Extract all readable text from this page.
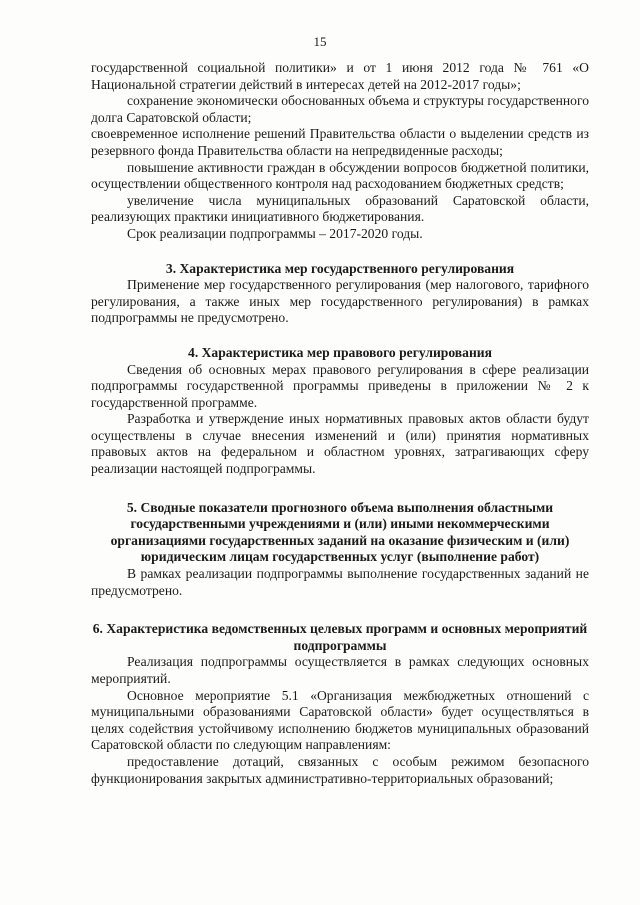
15

государственной социальной политики» и от 1 июня 2012 года № 761 «О Национальной стратегии действий в интересах детей на 2012-2017 годы»;

сохранение экономически обоснованных объема и структуры государственного долга Саратовской области;

своевременное исполнение решений Правительства области о выделении средств из резервного фонда Правительства области на непредвиденные расходы;

повышение активности граждан в обсуждении вопросов бюджетной политики, осуществлении общественного контроля над расходованием бюджетных средств;

увеличение числа муниципальных образований Саратовской области, реализующих практики инициативного бюджетирования.

Срок реализации подпрограммы – 2017-2020 годы.

3. Характеристика мер государственного регулирования

Применение мер государственного регулирования (мер налогового, тарифного регулирования, а также иных мер государственного регулирования) в рамках подпрограммы не предусмотрено.

4. Характеристика мер правового регулирования

Сведения об основных мерах правового регулирования в сфере реализации подпрограммы государственной программы приведены в приложении № 2 к государственной программе.

Разработка и утверждение иных нормативных правовых актов области будут осуществлены в случае внесения изменений и (или) принятия нормативных правовых актов на федеральном и областном уровнях, затрагивающих сферу реализации настоящей подпрограммы.

5. Сводные показатели прогнозного объема выполнения областными государственными учреждениями и (или) иными некоммерческими организациями государственных заданий на оказание физическим и (или) юридическим лицам государственных услуг (выполнение работ)

В рамках реализации подпрограммы выполнение государственных заданий не предусмотрено.

6. Характеристика ведомственных целевых программ и основных мероприятий подпрограммы

Реализация подпрограммы осуществляется в рамках следующих основных мероприятий.

Основное мероприятие 5.1 «Организация межбюджетных отношений с муниципальными образованиями Саратовской области» будет осуществляться в целях содействия устойчивому исполнению бюджетов муниципальных образований Саратовской области по следующим направлениям:

предоставление дотаций, связанных с особым режимом безопасного функционирования закрытых административно-территориальных образований;
